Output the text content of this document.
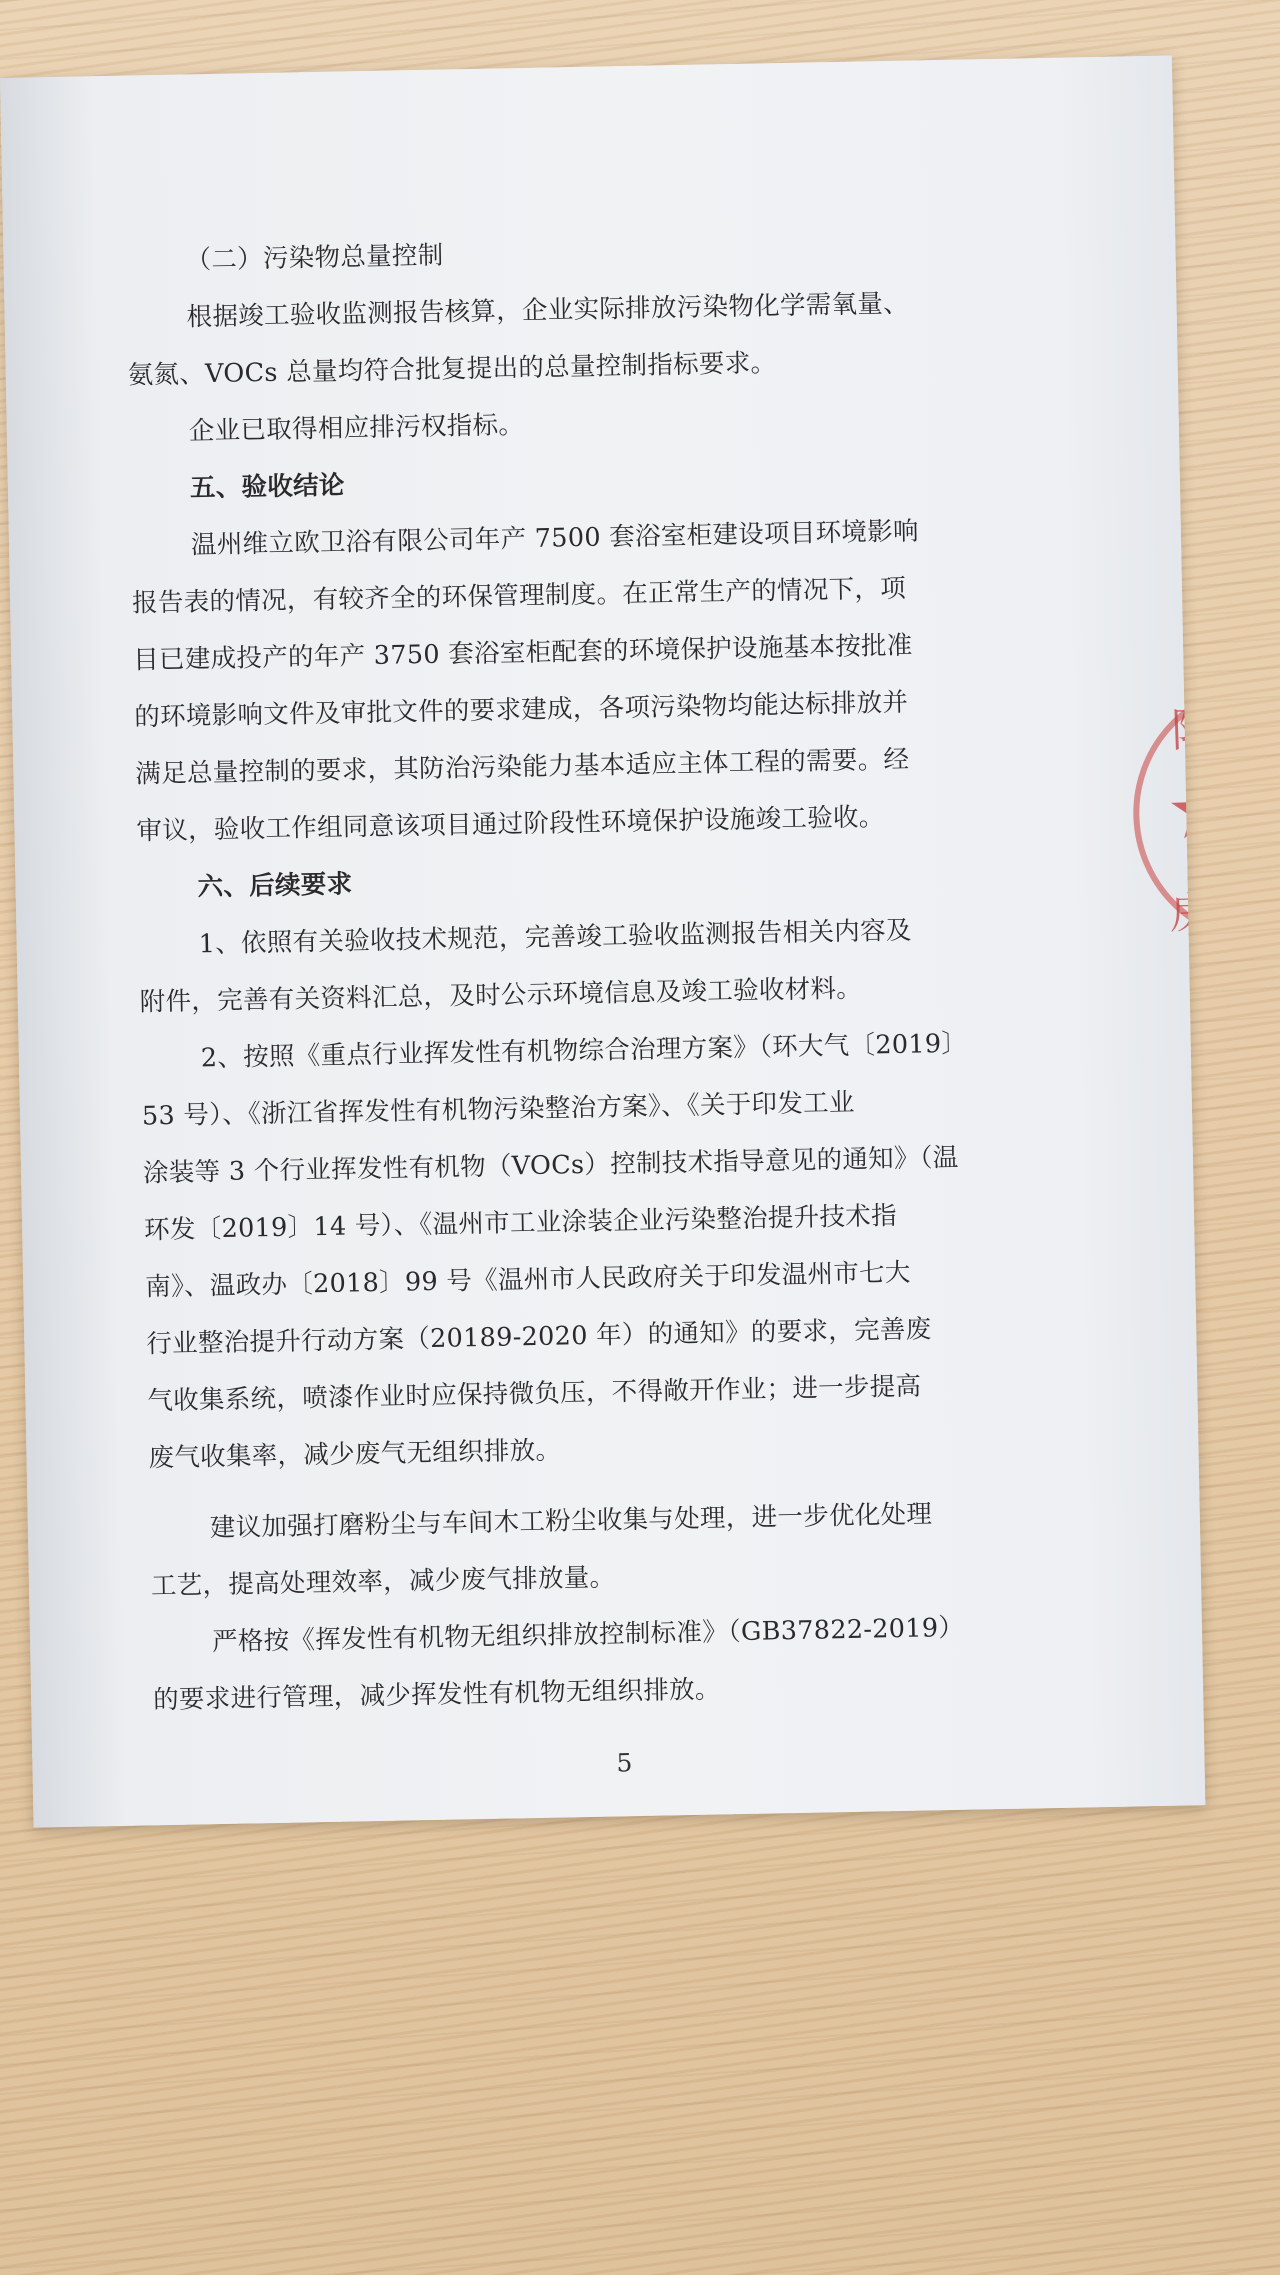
（二）污染物总量控制
根据竣工验收监测报告核算，企业实际排放污染物化学需氧量、
氨氮、VOCs 总量均符合批复提出的总量控制指标要求。
企业已取得相应排污权指标。
五、验收结论
温州维立欧卫浴有限公司年产 7500 套浴室柜建设项目环境影响
报告表的情况，有较齐全的环保管理制度。在正常生产的情况下，项
目已建成投产的年产 3750 套浴室柜配套的环境保护设施基本按批准
的环境影响文件及审批文件的要求建成，各项污染物均能达标排放并
满足总量控制的要求，其防治污染能力基本适应主体工程的需要。经
审议，验收工作组同意该项目通过阶段性环境保护设施竣工验收。
六、后续要求
1、依照有关验收技术规范，完善竣工验收监测报告相关内容及
附件，完善有关资料汇总，及时公示环境信息及竣工验收材料。
2、按照《重点行业挥发性有机物综合治理方案》（环大气〔2019〕
53 号）、《浙江省挥发性有机物污染整治方案》、《关于印发工业
涂装等 3 个行业挥发性有机物（VOCs）控制技术指导意见的通知》（温
环发〔2019〕14 号）、《温州市工业涂装企业污染整治提升技术指
南》、温政办〔2018〕99 号《温州市人民政府关于印发温州市七大
行业整治提升行动方案（20189-2020 年）的通知》的要求，完善废
气收集系统，喷漆作业时应保持微负压，不得敞开作业；进一步提高
废气收集率，减少废气无组织排放。
建议加强打磨粉尘与车间木工粉尘收集与处理，进一步优化处理
工艺，提高处理效率，减少废气排放量。
严格按《挥发性有机物无组织排放控制标准》（GB37822-2019）
的要求进行管理，减少挥发性有机物无组织排放。
5
限
★
房 W
